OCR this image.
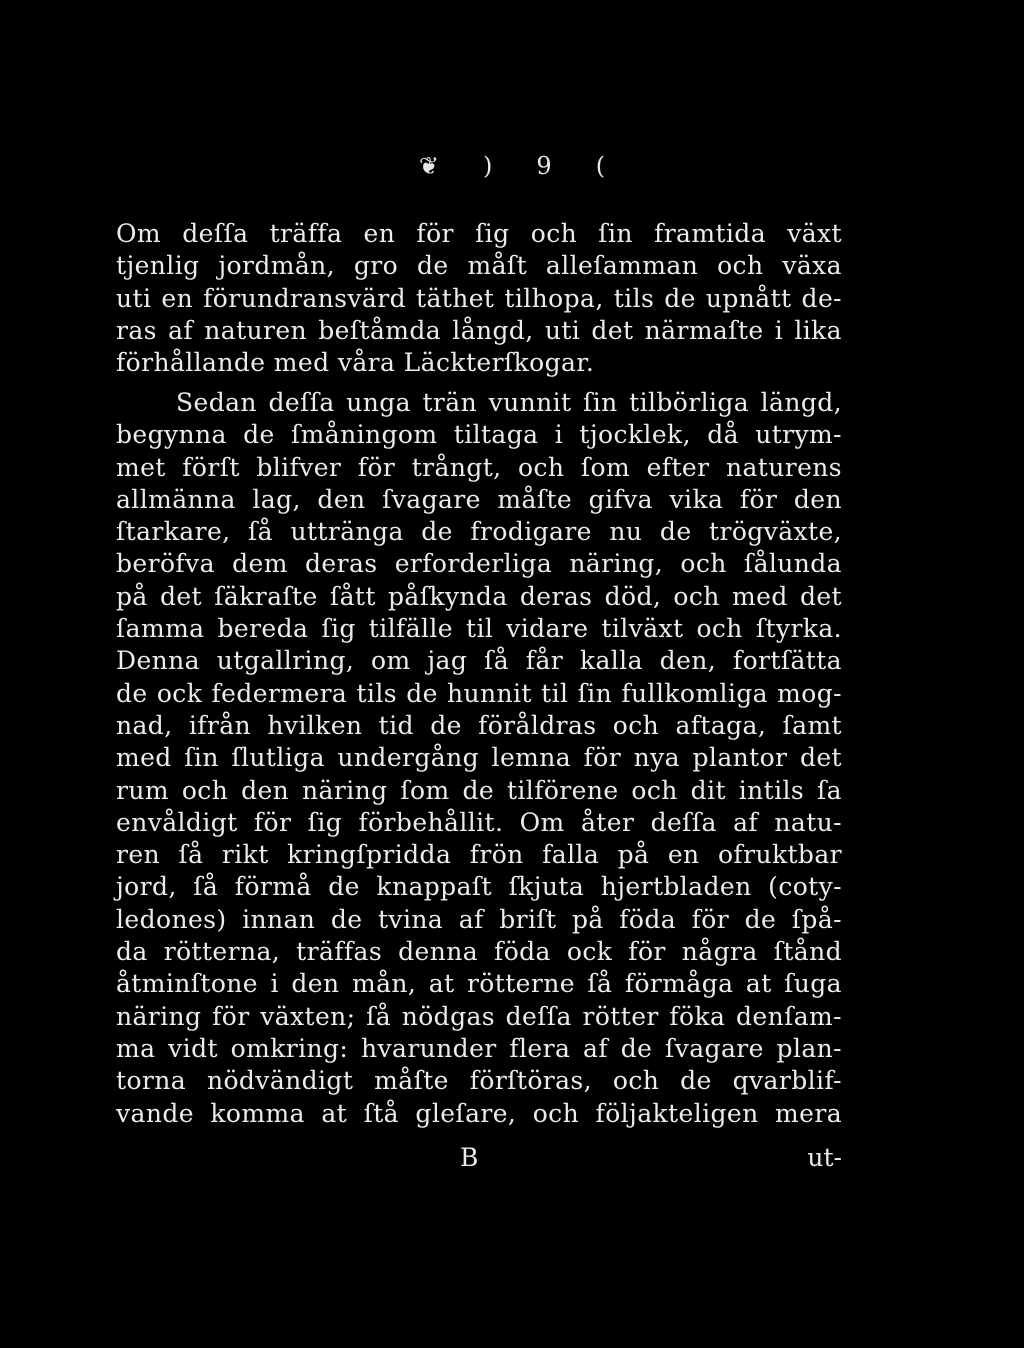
❦ ) 9 (
Om deſſa träffa en för ſig och ſin framtida växt
tjenlig jordmån, gro de måſt alleſamman och växa
uti en förundransvärd täthet tilhopa, tils de upnått de-
ras af naturen beſtåmda långd, uti det närmaſte i lika
förhållande med våra Läckterſkogar.
Sedan deſſa unga trän vunnit ſin tilbörliga längd,
begynna de ſmåningom tiltaga i tjocklek, då utrym-
met förſt blifver för trångt, och ſom efter naturens
allmänna lag, den ſvagare måſte gifva vika för den
ſtarkare, ſå uttränga de frodigare nu de trögväxte,
beröfva dem deras erforderliga näring, och ſålunda
på det ſäkraſte ſått påſkynda deras död, och med det
ſamma bereda ſig tilfälle til vidare tilväxt och ſtyrka.
Denna utgallring, om jag ſå får kalla den, fortſätta
de ock federmera tils de hunnit til ſin fullkomliga mog-
nad, ifrån hvilken tid de föråldras och aftaga, ſamt
med ſin ſlutliga undergång lemna för nya plantor det
rum och den näring ſom de tilförene och dit intils ſa
envåldigt för ſig förbehållit. Om åter deſſa af natu-
ren ſå rikt kringſpridda frön falla på en ofruktbar
jord, ſå förmå de knappaſt ſkjuta hjertbladen (coty-
ledones) innan de tvina af briſt på föda för de ſpå-
da rötterna, träffas denna föda ock för några ſtånd
åtminſtone i den mån, at rötterne ſå förmåga at ſuga
näring för växten; ſå nödgas deſſa rötter föka denſam-
ma vidt omkring: hvarunder flera af de ſvagare plan-
torna nödvändigt måſte förſtöras, och de qvarblif-
vande komma at ſtå gleſare, och följakteligen mera
B	ut-
